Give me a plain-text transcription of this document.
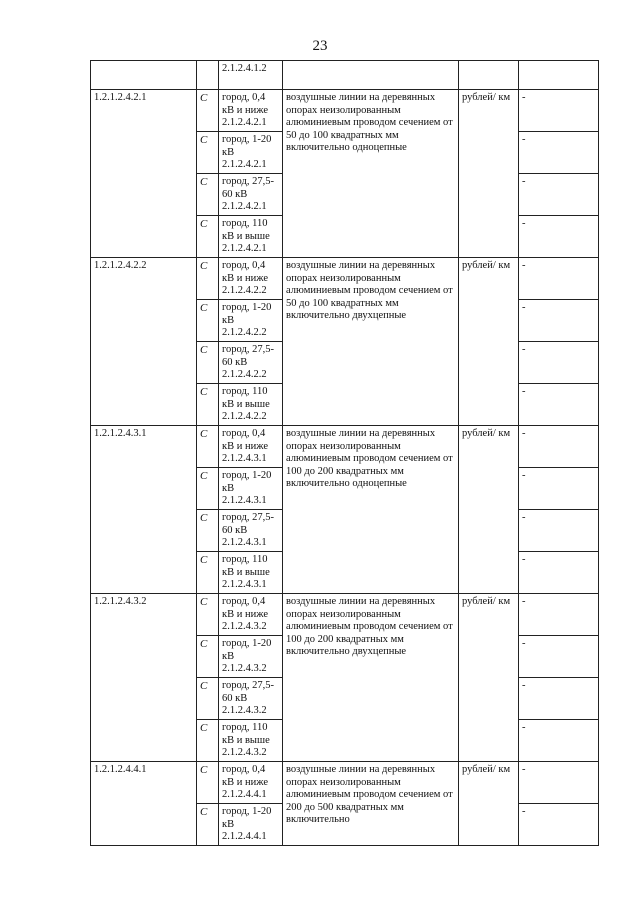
23
		2.1.2.4.1.2			
1.2.1.2.4.2.1	С	город, 0,4 кВ и ниже 2.1.2.4.2.1	воздушные линии на деревянных опорах неизолированным алюминиевым проводом сечением от 50 до 100 квадратных мм включительно одноцепные	рублей/ км	-
	С	город, 1-20 кВ 2.1.2.4.2.1			-
	С	город, 27,5-60 кВ 2.1.2.4.2.1			-
	С	город, 110 кВ и выше 2.1.2.4.2.1			-
1.2.1.2.4.2.2	С	город, 0,4 кВ и ниже 2.1.2.4.2.2	воздушные линии на деревянных опорах неизолированным алюминиевым проводом сечением от 50 до 100 квадратных мм включительно двухцепные	рублей/ км	-
	С	город, 1-20 кВ 2.1.2.4.2.2			-
	С	город, 27,5-60 кВ 2.1.2.4.2.2			-
	С	город, 110 кВ и выше 2.1.2.4.2.2			-
1.2.1.2.4.3.1	С	город, 0,4 кВ и ниже 2.1.2.4.3.1	воздушные линии на деревянных опорах неизолированным алюминиевым проводом сечением от 100 до 200 квадратных мм включительно одноцепные	рублей/ км	-
	С	город, 1-20 кВ 2.1.2.4.3.1			-
	С	город, 27,5-60 кВ 2.1.2.4.3.1			-
	С	город, 110 кВ и выше 2.1.2.4.3.1			-
1.2.1.2.4.3.2	С	город, 0,4 кВ и ниже 2.1.2.4.3.2	воздушные линии на деревянных опорах неизолированным алюминиевым проводом сечением от 100 до 200 квадратных мм включительно двухцепные	рублей/ км	-
	С	город, 1-20 кВ 2.1.2.4.3.2			-
	С	город, 27,5-60 кВ 2.1.2.4.3.2			-
	С	город, 110 кВ и выше 2.1.2.4.3.2			-
1.2.1.2.4.4.1	С	город, 0,4 кВ и ниже 2.1.2.4.4.1	воздушные линии на деревянных опорах неизолированным алюминиевым проводом сечением от 200 до 500 квадратных мм включительно	рублей/ км	-
	С	город, 1-20 кВ 2.1.2.4.4.1			-
